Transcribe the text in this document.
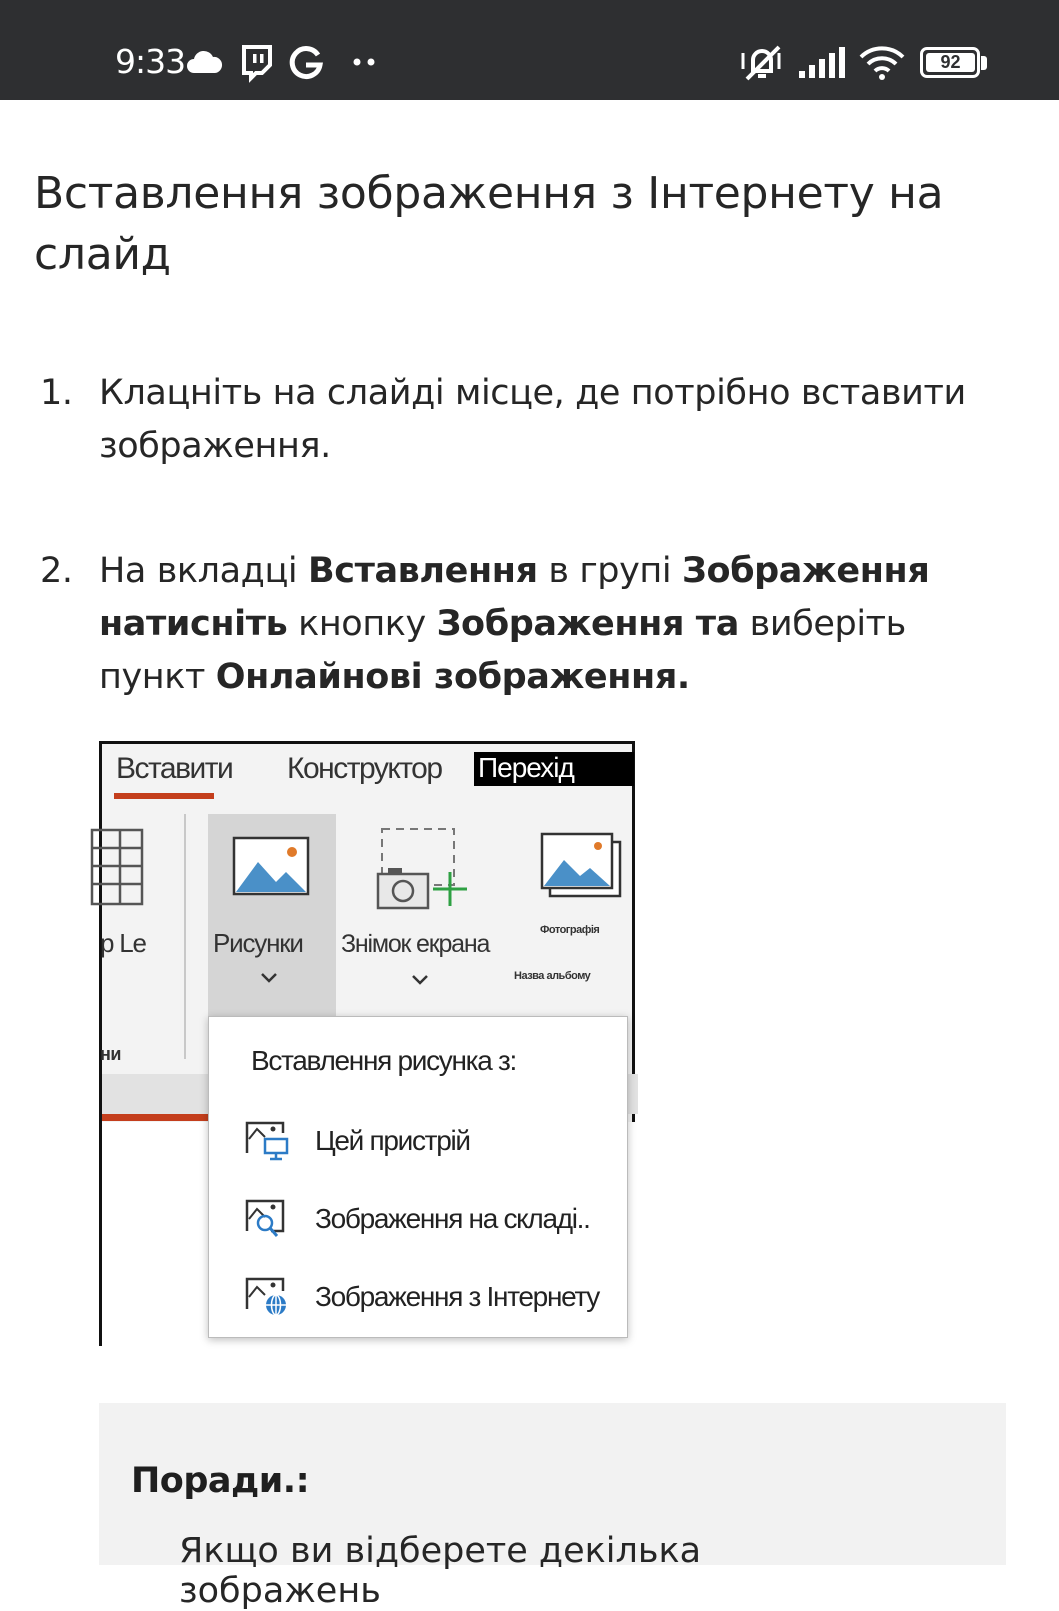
9:33	92
Вставлення зображення з Інтернету на слайд
1. Клацніть на слайді місце, де потрібно вставити зображення.
2. На вкладці Вставлення в групі Зображення натисніть кнопку Зображення та виберіть пункт Онлайнові зображення.
Вставити Конструктор Перехід
p Le
ни
Рисунки Знімок екрана	Фотографія
Назва альбому
Вставлення рисунка з:
Цей пристрій
Зображення на складі..
Зображення з Інтернету
Поради.:
Якщо ви відберете декілька зображень
